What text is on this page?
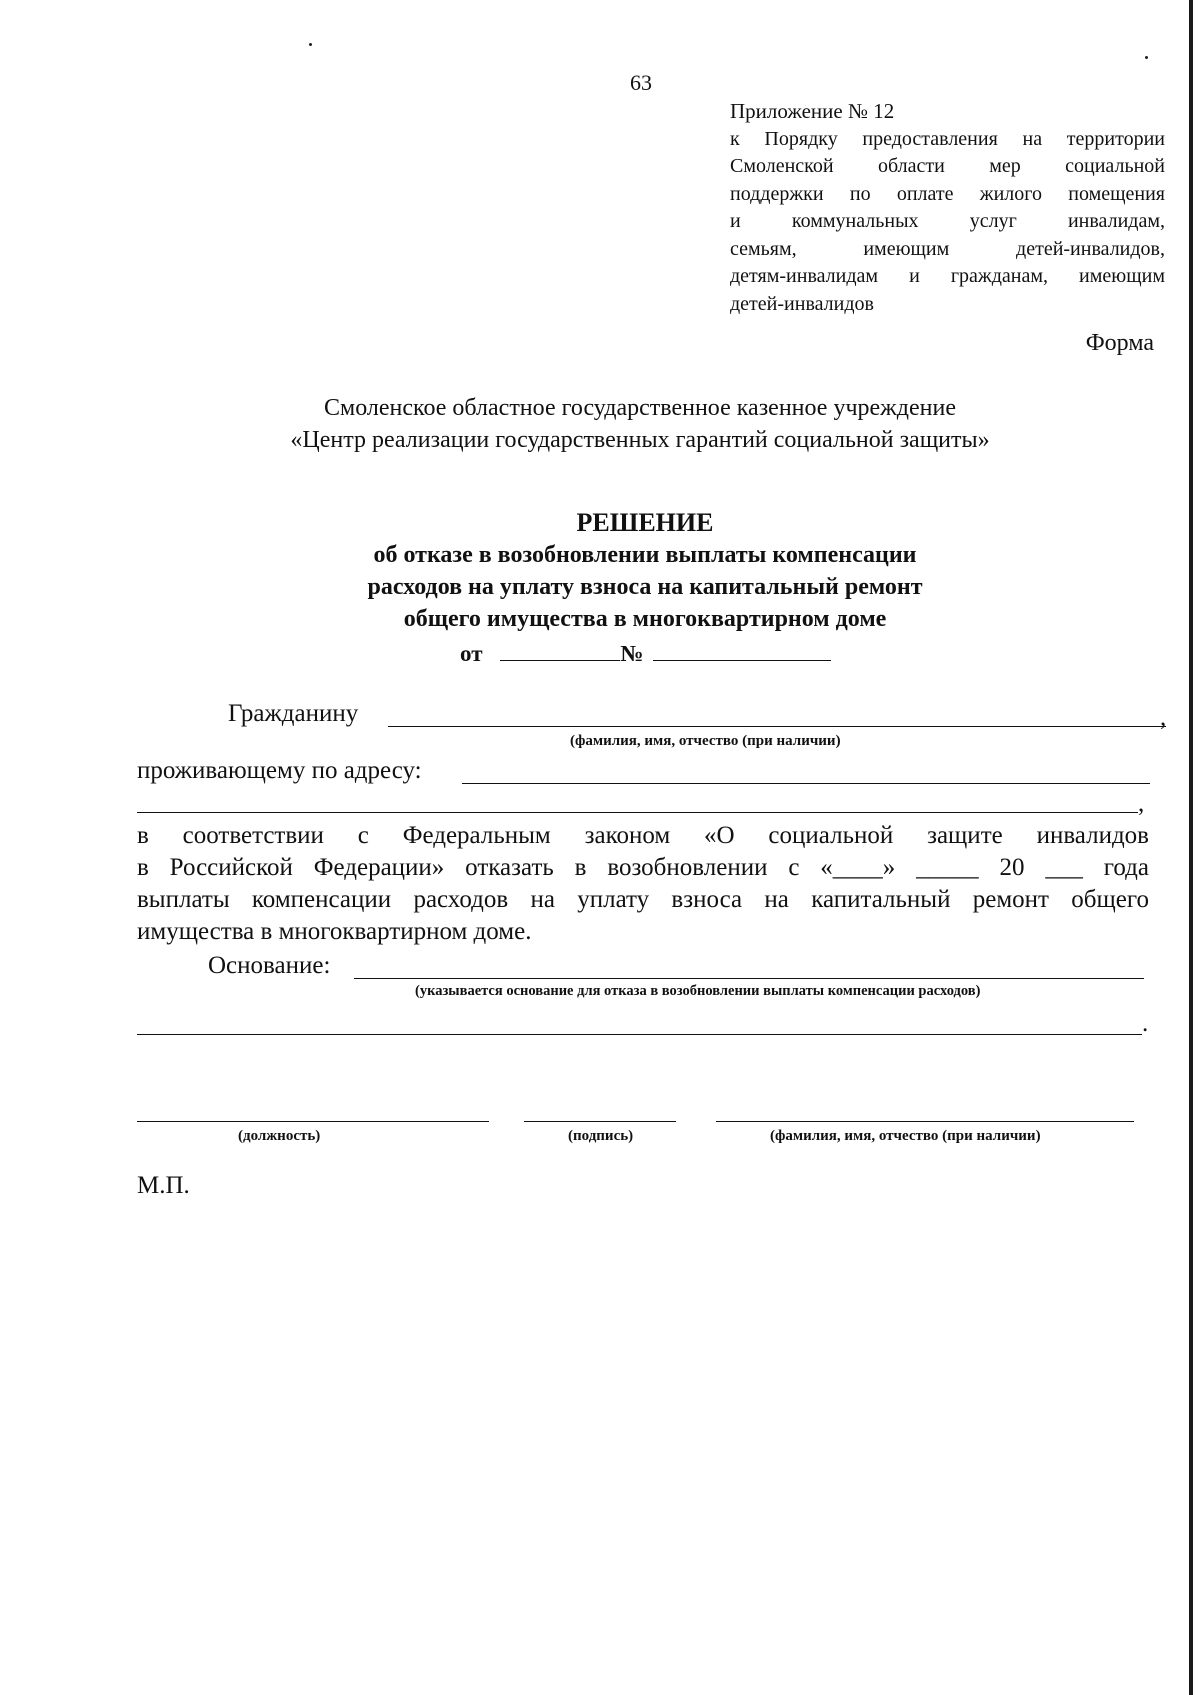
63
Приложение № 12
к Порядку предоставления на территории
Смоленской области мер социальной
поддержки по оплате жилого помещения
и коммунальных услуг инвалидам,
семьям, имеющим детей-инвалидов,
детям-инвалидам и гражданам, имеющим
детей-инвалидов
Форма
Смоленское областное государственное казенное учреждение
«Центр реализации государственных гарантий социальной защиты»
РЕШЕНИЕ
об отказе в возобновлении выплаты компенсации
расходов на уплату взноса на капитальный ремонт
общего имущества в многоквартирном доме
от	№
Гражданину	,
(фамилия, имя, отчество (при наличии)
проживающему по адресу:
,
в соответствии с Федеральным законом «О социальной защите инвалидов
в Российской Федерации» отказать в возобновлении с «____» _____ 20 ___ года
выплаты компенсации расходов на уплату взноса на капитальный ремонт общего
имущества в многоквартирном доме.
Основание:
(указывается основание для отказа в возобновлении выплаты компенсации расходов)
.
(должность)	(подпись)	(фамилия, имя, отчество (при наличии)
М.П.
